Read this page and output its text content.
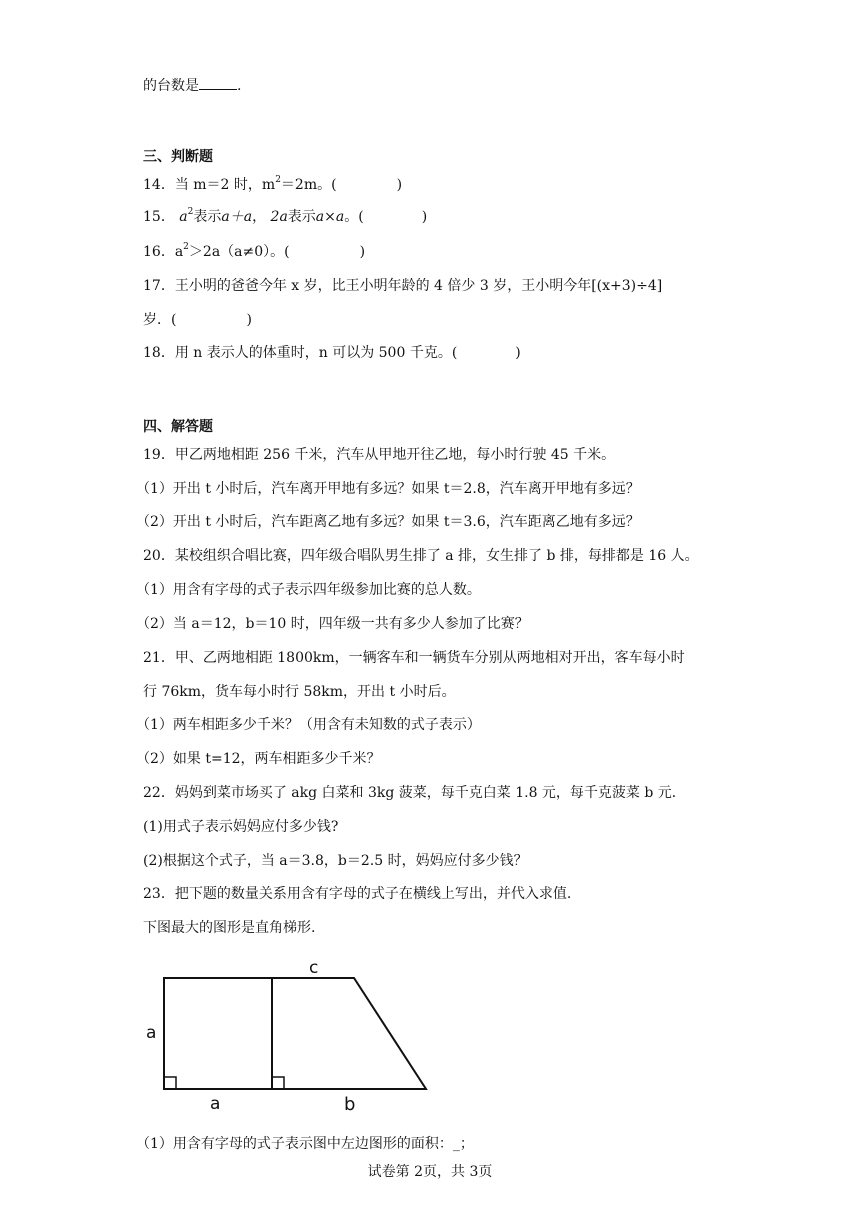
的台数是	.
三、判断题
14．当 m＝2 时，$m^2=2m$。(	)
15． $a^2$表示a＋a， 2a表示a×a。(	)
16．$a^2>2a(a\ne 0)$。(	)
17．王小明的爸爸今年 x 岁，比王小明年龄的 4 倍少 3 岁，王小明今年[(x+3)÷4]
岁．(	)
18．用 n 表示人的体重时，n 可以为 500 千克。(	)
四、解答题
19．甲乙两地相距 256 千米，汽车从甲地开往乙地，每小时行驶 45 千米。
（1）开出 t 小时后，汽车离开甲地有多远？如果 t＝2.8，汽车离开甲地有多远？
（2）开出 t 小时后，汽车距离乙地有多远？如果 t＝3.6，汽车距离乙地有多远？
20．某校组织合唱比赛，四年级合唱队男生排了 a 排，女生排了 b 排，每排都是 16 人。
（1）用含有字母的式子表示四年级参加比赛的总人数。
（2）当 a＝12，b＝10 时，四年级一共有多少人参加了比赛？
21．甲、乙两地相距 1800km，一辆客车和一辆货车分别从两地相对开出，客车每小时
行 76km，货车每小时行 58km，开出 t 小时后。
（1）两车相距多少千米？（用含有未知数的式子表示）
（2）如果 t=12，两车相距多少千米？
22．妈妈到菜市场买了 akg 白菜和 3kg 菠菜，每千克白菜 1.8 元，每千克菠菜 b 元．
(1)用式子表示妈妈应付多少钱?
(2)根据这个式子，当 a＝3.8，b＝2.5 时，妈妈应付多少钱？
23．把下题的数量关系用含有字母的式子在横线上写出，并代入求值.
下图最大的图形是直角梯形.
a
a	b
c
（1）用含有字母的式子表示图中左边图形的面积：_；
试卷第 2页，共 3页
